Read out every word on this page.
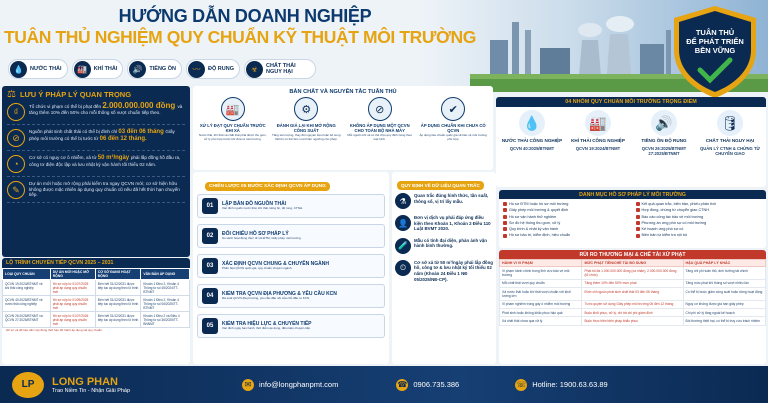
HƯỚNG DẪN DOANH NGHIỆP
TUÂN THỦ NGHIỆM QUY CHUẨN KỸ THUẬT MÔI TRƯỜNG
💧	NƯỚC THẢI	🏭	KHÍ THẢI	🔊	TIẾNG ỒN	〰	ĐỘ RUNG	☣	CHẤT THẢI NGUY HẠI
TUÂN THỦ
ĐỂ PHÁT TRIỂN
BỀN VỮNG
⚖ LƯU Ý PHÁP LÝ QUAN TRỌNG
₫
Tổ chức vi phạm có thể bị phạt đến 2.000.000.000 đồng và tăng thêm 10% đến 50% cho mỗi thông số vượt chuẩn tiếp theo.
⊘
Nguồn phát sinh chất thải có thể bị đình chỉ 03 đến 06 tháng Giấy phép môi trường có thể bị tước từ 06 đến 12 tháng.
◔
Cơ sở có nguy cơ ô nhiễm, xả từ 50 m³/ngày phải lắp đồng hồ đầu ra, công tơ điện độc lập và lưu nhật ký vận hành tối thiểu 02 năm.
✎
Dự án mới hoặc mở rộng phải kiểm tra ngay QCVN mới; cơ sở hiện hữu không được mặc nhiên áp dụng quy chuẩn cũ nếu đã hết thời hạn chuyển tiếp.
LỘ TRÌNH CHUYỂN TIẾP QCVN 2025 – 2031
LOẠI QUY CHUẨN	DỰ ÁN MỚI HOẶC MỞ RỘNG	CƠ SỞ ĐANG HOẠT ĐỘNG	VĂN BẢN ÁP DỤNG
QCVN 19:2024/BTNMT về khí thải công nghiệp	Hồ sơ nộp từ 01/07/2025 phải áp dụng quy chuẩn mới	Đến hết 31/12/2031 được tiếp tục áp dụng theo lộ trình	Khoản 1 Điều 2, Khoản 4 Thông tư số 45/2024/TT-BTNMT
QCVN 40:2025/BTNMT về nước thải công nghiệp	Hồ sơ nộp từ 01/09/2025 phải áp dụng quy chuẩn mới	Đến hết 31/12/2031 được tiếp tục áp dụng theo lộ trình	Khoản 1 Điều 2, Khoản 4 Thông tư số 06/2025/TT-BTNMT
QCVN 26:2025/BTNMT và QCVN 27:2025/BTNMT	Hồ sơ nộp từ 01/07/2026 phải áp dụng quy chuẩn mới	Đến hết 31/12/2031 được tiếp tục áp dụng theo lộ trình	Khoản 1 Điều 2 và Điều 4 Thông tư số 36/2025/TT-BNNMT
Hồ sơ và dữ liệu cần nộp đúng thời hạn để tránh áp dụng sai quy chuẩn.
BẢN CHẤT VÀ NGUYÊN TẮC TUÂN THỦ
🏭
XỬ LÝ ĐẠT QUY CHUẨN TRƯỚC KHI XẢ
Nước thải, khí thải và chất thải phải được thu gom, xử lý phù hợp trước khi đưa ra môi trường.
⚙
ĐÁNH GIÁ LẠI KHI MỞ RỘNG CÔNG SUẤT
Tăng sản lượng, thay đổi nguyên liệu hoặc bổ sung thiết bị có thể làm vượt hiện ngưỡng cho phép.
⊘
KHÔNG ÁP DỤNG MỘT QCVN CHO TOÀN BỘ NHÀ MÁY
Mỗi nguồn khí xả có thể chịu quy định riêng theo loại hình.
✔
ÁP DỤNG CHUẨN KHI CHƯA CÓ QCVN
Áp dụng tiêu chuẩn quốc gia về bảo vệ môi trường phù hợp.
04 NHÓM QUY CHUẨN MÔI TRƯỜNG TRỌNG ĐIỂM
💧
NƯỚC THẢI CÔNG NGHIỆP
QCVN 40:2025/BTNMT
🏭
KHÍ THẢI CÔNG NGHIỆP
QCVN 19:2024/BTNMT
🔊
TIẾNG ỒN ĐỘ RUNG
QCVN 26:2025/BTNMT 27:2025/BTNMT
🛢
CHẤT THẢI NGUY HẠI
QUẢN LÝ CTNH & CHỨNG TỪ CHUYỂN GIAO
CHIẾN LƯỢC 05 BƯỚC XÁC ĐỊNH QCVN ÁP DỤNG
01	LẬP BẢN ĐỒ NGUỒN THẢI
Xác định nguồn nước thải, khí thải, tiếng ồn, độ rung, CTNH.
02	ĐỐI CHIẾU HỒ SƠ PHÁP LÝ
So sánh hoạt động thực tế với ĐTM, Giấy phép môi trường.
03	XÁC ĐỊNH QCVN CHUNG & CHUYÊN NGÀNH
Phân biệt QCVN quốc gia, quy chuẩn chuyên ngành.
04	KIỂM TRA QCVN ĐỊA PHƯƠNG & YÊU CẦU KCN
Rà soát QCVN địa phương, yêu cầu đấu nối của chủ đầu tư KCN.
05	KIỂM TRA HIỆU LỰC & CHUYỂN TIẾP
Xác định ngày ban hành, thời điểm áp dụng, điều kiện chuyển tiếp.
QUY ĐỊNH VỀ DỮ LIỆU QUAN TRẮC
⚗
Quan trắc đúng hình thức, tần suất, thông số, vị trí lấy mẫu.
👤
Đơn vị dịch vụ phải đáp ứng điều kiện theo Khoản 1, Khoản 2 Điều 110 Luật BVMT 2020.
🧪
Mẫu có tính đại diện, phản ánh vận hành bình thường.
⏲
Cơ sở xả từ 50 m³/ngày phải lắp đồng hồ, công tơ & lưu nhật ký tối thiểu 02 năm (Khoản 24 Điều 1 NĐ 05/2025/NĐ-CP).
DANH MỤC HỒ SƠ PHÁP LÝ MÔI TRƯỜNG
Hồ sơ ĐTM hoặc hồ sơ môi trường
Giấy phép môi trường & quyết định
Hồ sơ vận hành thử nghiệm
Sơ đồ hệ thống thu gom, xử lý
Quy trình & nhật ký vận hành
Hồ sơ bảo trì, kiểm định, hiệu chuẩn
Kết quả quan trắc, biên bản, phiếu phân tích
Hợp đồng, chứng từ chuyển giao CTNH
Báo cáo công tác bảo vệ môi trường
Phương án ứng phó sự cố môi trường
Kế hoạch ứng phó sự cố
Biên bản tự kiểm tra nội bộ
RỦI RO THƯƠNG MẠI & CHẾ TÀI XỬ PHẠT
HÀNH VI VI PHẠM	MỨC PHẠT TIỀN/CHẾ TÀI BỔ SUNG	HẬU QUẢ PHÁP LÝ KHÁC
Vi phạm hành chính trong lĩnh vực bảo vệ môi trường	Phạt tối đa 1.000.000.000 đồng (cá nhân); 2.000.000.000 đồng (tổ chức)	Tăng chi phí tuân thủ, ảnh hưởng tài chính
Mỗi chất thải vượt quy chuẩn	Tăng thêm 10% đến 50% mức phạt	Tăng mức phạt khi thông số vượt nhiều lần
Xả nước thải hoặc khí thải vượt chuẩn với khối lượng lớn	Đình chỉ nguồn phát sinh chất thải 03 đến 06 tháng	Có thể bị buộc giảm công suất hoặc dừng hoạt động
Vi phạm nghiêm trọng gây ô nhiễm môi trường	Tước quyền sử dụng Giấy phép môi trường 06 đến 12 tháng	Nguy cơ không được gia hạn giấy phép
Phát sinh hoặc không khắc phục hậu quả	Buộc khôi phục, xử lý, chi trả chi phí giám định	Chi phí xử lý tăng ngoài kế hoạch
Xả chất thải chưa qua xử lý	Buộc thực hiện biện pháp khắc phục	Bồi thường thiệt hại, có thể bị truy cứu trách nhiệm
LP	LONG PHAN
Trao Niềm Tin - Nhận Giải Pháp
✉	info@longphanpmt.com	☎ 0906.735.386	☏ Hotline: 1900.63.63.89
